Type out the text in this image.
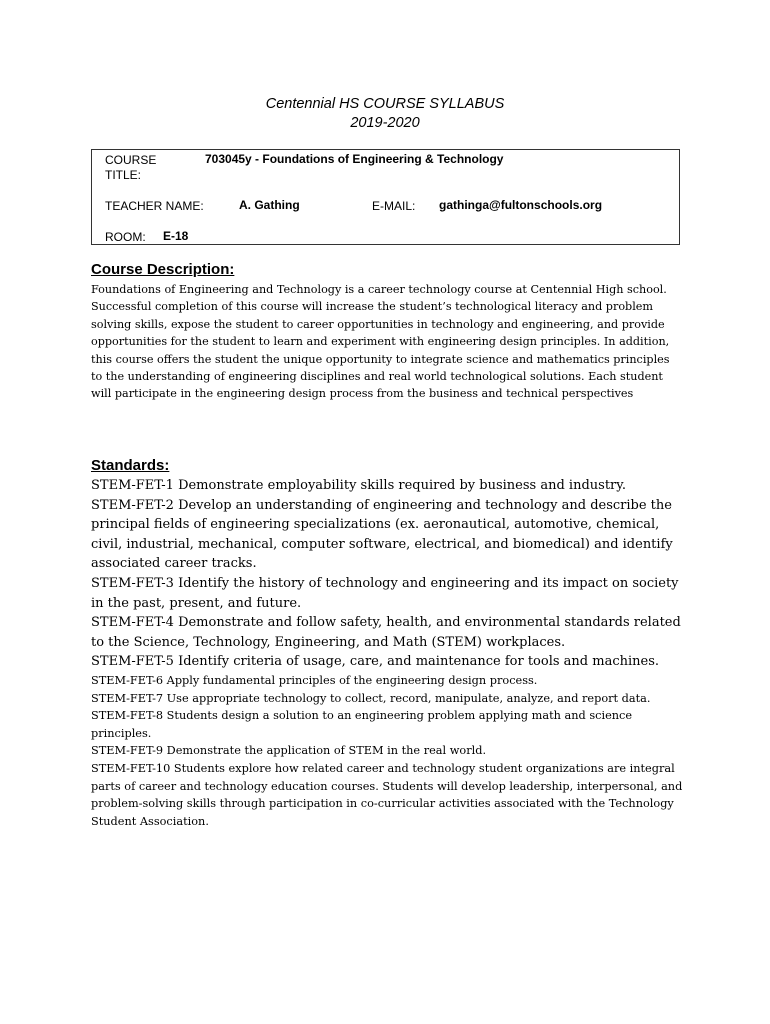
Centennial HS COURSE SYLLABUS
2019-2020
COURSE
TITLE:
703045y - Foundations of Engineering & Technology
TEACHER NAME:	A. Gathing	E-MAIL: gathinga@fultonschools.org
ROOM: E-18
Course Description:
Foundations of Engineering and Technology is a career technology course at Centennial High school. Successful completion of this course will increase the student’s technological literacy and problem solving skills, expose the student to career opportunities in technology and engineering, and provide opportunities for the student to learn and experiment with engineering design principles. In addition, this course offers the student the unique opportunity to integrate science and mathematics principles to the understanding of engineering disciplines and real world technological solutions. Each student will participate in the engineering design process from the business and technical perspectives
Standards:
STEM-FET-1 Demonstrate employability skills required by business and industry.
STEM-FET-2 Develop an understanding of engineering and technology and describe the principal fields of engineering specializations (ex. aeronautical, automotive, chemical, civil, industrial, mechanical, computer software, electrical, and biomedical) and identify associated career tracks.
STEM-FET-3 Identify the history of technology and engineering and its impact on society in the past, present, and future.
STEM-FET-4 Demonstrate and follow safety, health, and environmental standards related to the Science, Technology, Engineering, and Math (STEM) workplaces.
STEM-FET-5 Identify criteria of usage, care, and maintenance for tools and machines.
STEM-FET-6 Apply fundamental principles of the engineering design process.
STEM-FET-7 Use appropriate technology to collect, record, manipulate, analyze, and report data.
STEM-FET-8 Students design a solution to an engineering problem applying math and science principles.
STEM-FET-9 Demonstrate the application of STEM in the real world.
STEM-FET-10 Students explore how related career and technology student organizations are integral parts of career and technology education courses. Students will develop leadership, interpersonal, and problem-solving skills through participation in co-curricular activities associated with the Technology Student Association.
